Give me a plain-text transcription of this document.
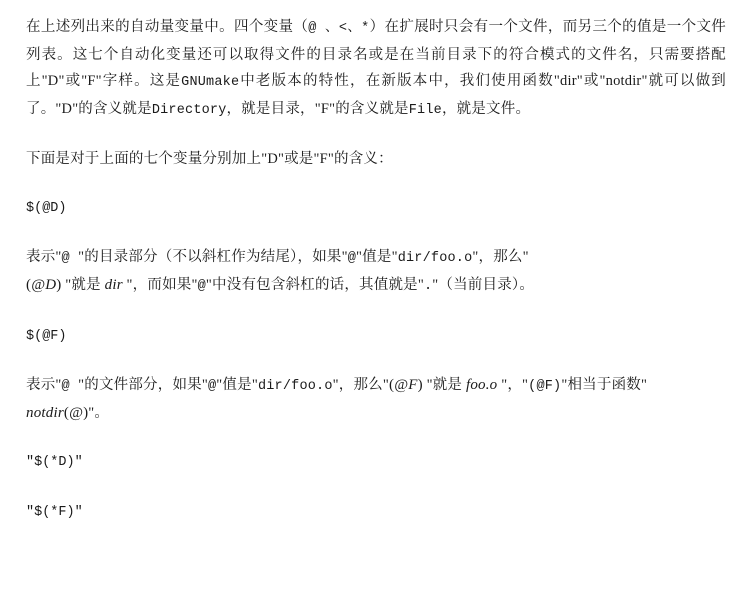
在上述列出来的自动量变量中。四个变量（@ 、<、*）在扩展时只会有一个文件，而另三个的值是一个文件列表。这七个自动化变量还可以取得文件的目录名或是在当前目录下的符合模式的文件名，只需要搭配上"D"或"F"字样。这是GNUmake中老版本的特性，在新版本中，我们使用函数"dir"或"notdir"就可以做到了。"D"的含义就是Directory，就是目录，"F"的含义就是File，就是文件。

下面是对于上面的七个变量分别加上"D"或是"F"的含义：

$(@D)

表示"@ "的目录部分（不以斜杠作为结尾），如果"@"值是"dir/foo.o"，那么"
(@D) "就是 dir "，而如果"@"中没有包含斜杠的话，其值就是"."（当前目录）。

$(@F)

表示"@ "的文件部分，如果"@"值是"dir/foo.o"，那么"(@F) "就是 foo.o "，"(@F)"相当于函数"
notdir(@)"。

"$(*D)"
"$(*F)"
